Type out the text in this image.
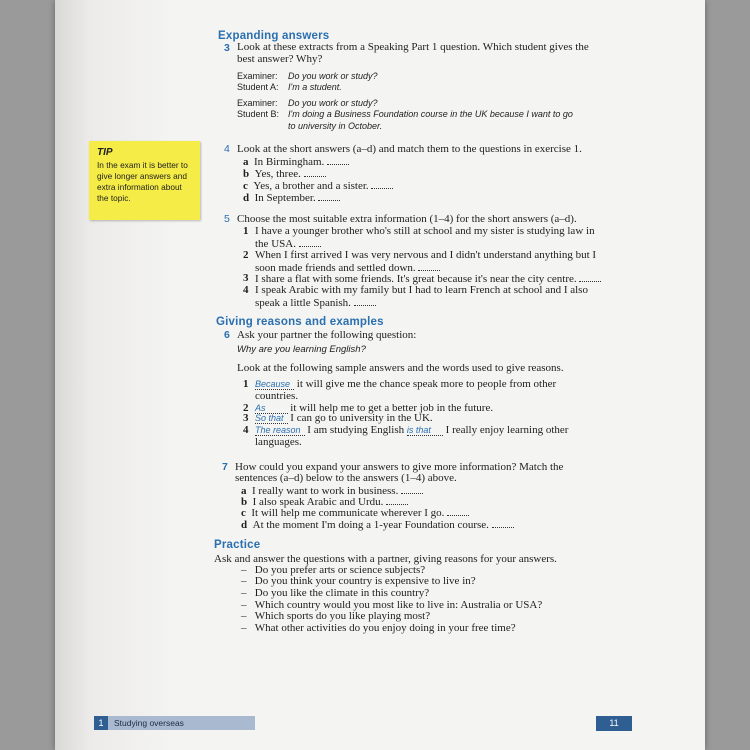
Expanding answers
3 Look at these extracts from a Speaking Part 1 question. Which student gives the
best answer? Why?
Examiner: Do you work or study?
Student A: I'm a student.
Examiner: Do you work or study?
Student B: I'm doing a Business Foundation course in the UK because I want to go
to university in October.
TIP
In the exam it is better to
give longer answers and
extra information about
the topic.
4 Look at the short answers (a–d) and match them to the questions in exercise 1.
a In Birmingham.
b Yes, three.
c Yes, a brother and a sister.
d In September.
5 Choose the most suitable extra information (1–4) for the short answers (a–d).
1 I have a younger brother who's still at school and my sister is studying law in
the USA.
2 When I first arrived I was very nervous and I didn't understand anything but I
soon made friends and settled down.
3 I share a flat with some friends. It's great because it's near the city centre.
4 I speak Arabic with my family but I had to learn French at school and I also
speak a little Spanish.
Giving reasons and examples
6 Ask your partner the following question:
Why are you learning English?
Look at the following sample answers and the words used to give reasons.
1 Because it will give me the chance speak more to people from other
countries.
2 As it will help me to get a better job in the future.
3 So that I can go to university in the UK.
4 The reason I am studying English is that I really enjoy learning other
languages.
7 How could you expand your answers to give more information? Match the
sentences (a–d) below to the answers (1–4) above.
a I really want to work in business.
b I also speak Arabic and Urdu.
c It will help me communicate wherever I go.
d At the moment I'm doing a 1-year Foundation course.
Practice
Ask and answer the questions with a partner, giving reasons for your answers.
–   Do you prefer arts or science subjects?
–   Do you think your country is expensive to live in?
–   Do you like the climate in this country?
–   Which country would you most like to live in: Australia or USA?
–   Which sports do you like playing most?
–   What other activities do you enjoy doing in your free time?
1	Studying overseas	11
